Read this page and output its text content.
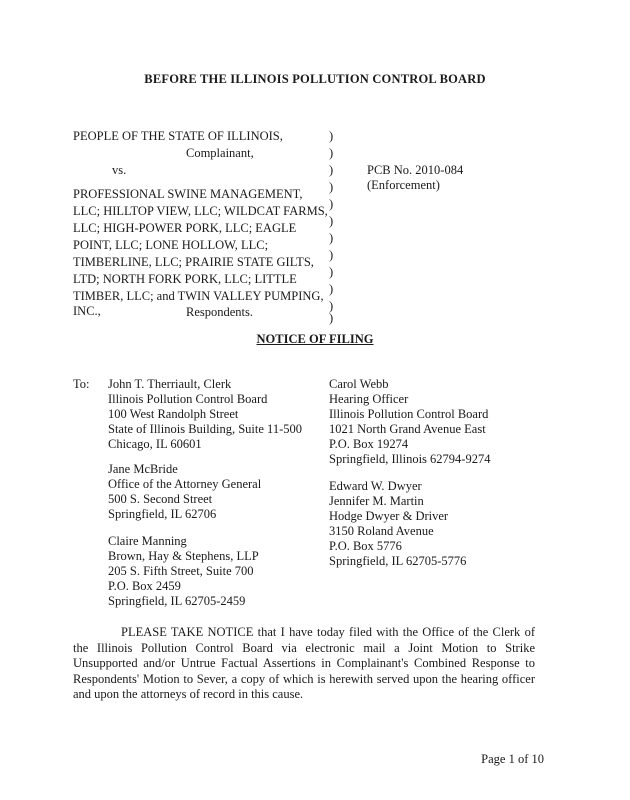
BEFORE THE ILLINOIS POLLUTION CONTROL BOARD
PEOPLE OF THE STATE OF ILLINOIS,
Complainant,
vs.
PROFESSIONAL SWINE MANAGEMENT,
LLC; HILLTOP VIEW, LLC; WILDCAT FARMS,
LLC; HIGH-POWER PORK, LLC; EAGLE
POINT, LLC; LONE HOLLOW, LLC;
TIMBERLINE, LLC; PRAIRIE STATE GILTS,
LTD; NORTH FORK PORK, LLC; LITTLE
TIMBER, LLC; and TWIN VALLEY PUMPING,
INC.,	Respondents.
)
)
)
)
)
)
)
)
)
)
)
)
PCB No. 2010-084
(Enforcement)
NOTICE OF FILING
To: John T. Therriault, Clerk
Illinois Pollution Control Board
100 West Randolph Street
State of Illinois Building, Suite 11-500
Chicago, IL 60601
Jane McBride
Office of the Attorney General
500 S. Second Street
Springfield, IL 62706
Claire Manning
Brown, Hay & Stephens, LLP
205 S. Fifth Street, Suite 700
P.O. Box 2459
Springfield, IL 62705-2459
Carol Webb
Hearing Officer
Illinois Pollution Control Board
1021 North Grand Avenue East
P.O. Box 19274
Springfield, Illinois 62794-9274
Edward W. Dwyer
Jennifer M. Martin
Hodge Dwyer & Driver
3150 Roland Avenue
P.O. Box 5776
Springfield, IL 62705-5776
PLEASE TAKE NOTICE that I have today filed with the Office of the Clerk of the Illinois Pollution Control Board via electronic mail a Joint Motion to Strike Unsupported and/or Untrue Factual Assertions in Complainant's Combined Response to Respondents' Motion to Sever, a copy of which is herewith served upon the hearing officer and upon the attorneys of record in this cause.
Page 1 of 10
